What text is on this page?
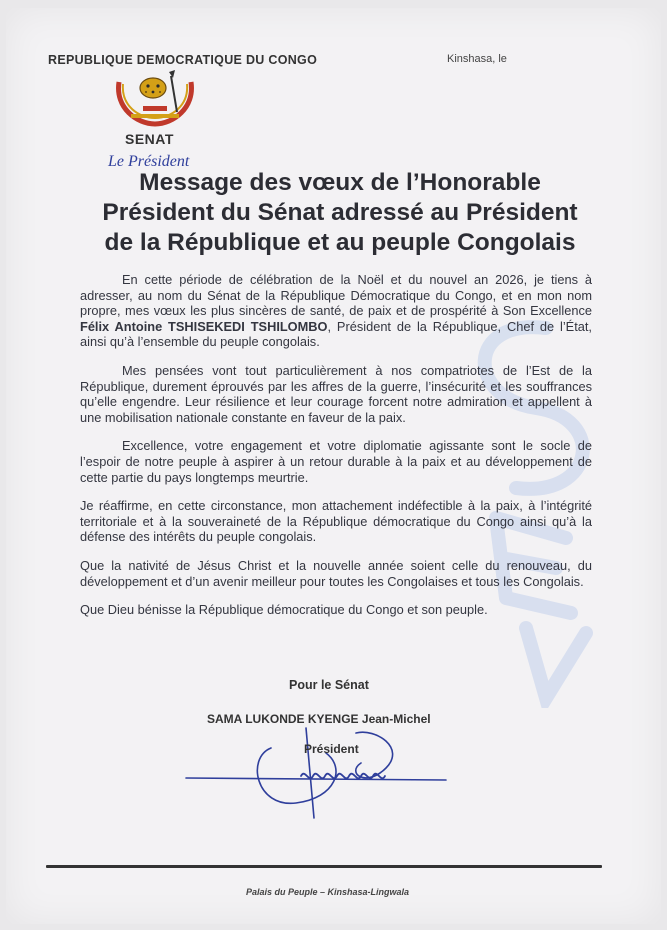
REPUBLIQUE DEMOCRATIQUE DU CONGO	Kinshasa, le
SENAT
Le Président
Message des vœux de l’Honorable
Président du Sénat adressé au Président
de la République et au peuple Congolais

En cette période de célébration de la Noël et du nouvel an 2026, je tiens à adresser, au nom du Sénat de la République Démocratique du Congo, et en mon nom propre, mes vœux les plus sincères de santé, de paix et de prospérité à Son Excellence Félix Antoine TSHISEKEDI TSHILOMBO, Président de la République, Chef de l’État, ainsi qu’à l’ensemble du peuple congolais.

Mes pensées vont tout particulièrement à nos compatriotes de l’Est de la République, durement éprouvés par les affres de la guerre, l’insécurité et les souffrances qu’elle engendre. Leur résilience et leur courage forcent notre admiration et appellent à une mobilisation nationale constante en faveur de la paix.

Excellence, votre engagement et votre diplomatie agissante sont le socle de l’espoir de notre peuple à aspirer à un retour durable à la paix et au développement de cette partie du pays longtemps meurtrie.

Je réaffirme, en cette circonstance, mon attachement indéfectible à la paix, à l’intégrité territoriale et à la souveraineté de la République démocratique du Congo ainsi qu’à la défense des intérêts du peuple congolais.

Que la nativité de Jésus Christ et la nouvelle année soient celle du renouveau, du développement et d’un avenir meilleur pour toutes les Congolaises et tous les Congolais.

Que Dieu bénisse la République démocratique du Congo et son peuple.

Pour le Sénat
SAMA LUKONDE KYENGE Jean-Michel
Président
Palais du Peuple – Kinshasa-Lingwala
